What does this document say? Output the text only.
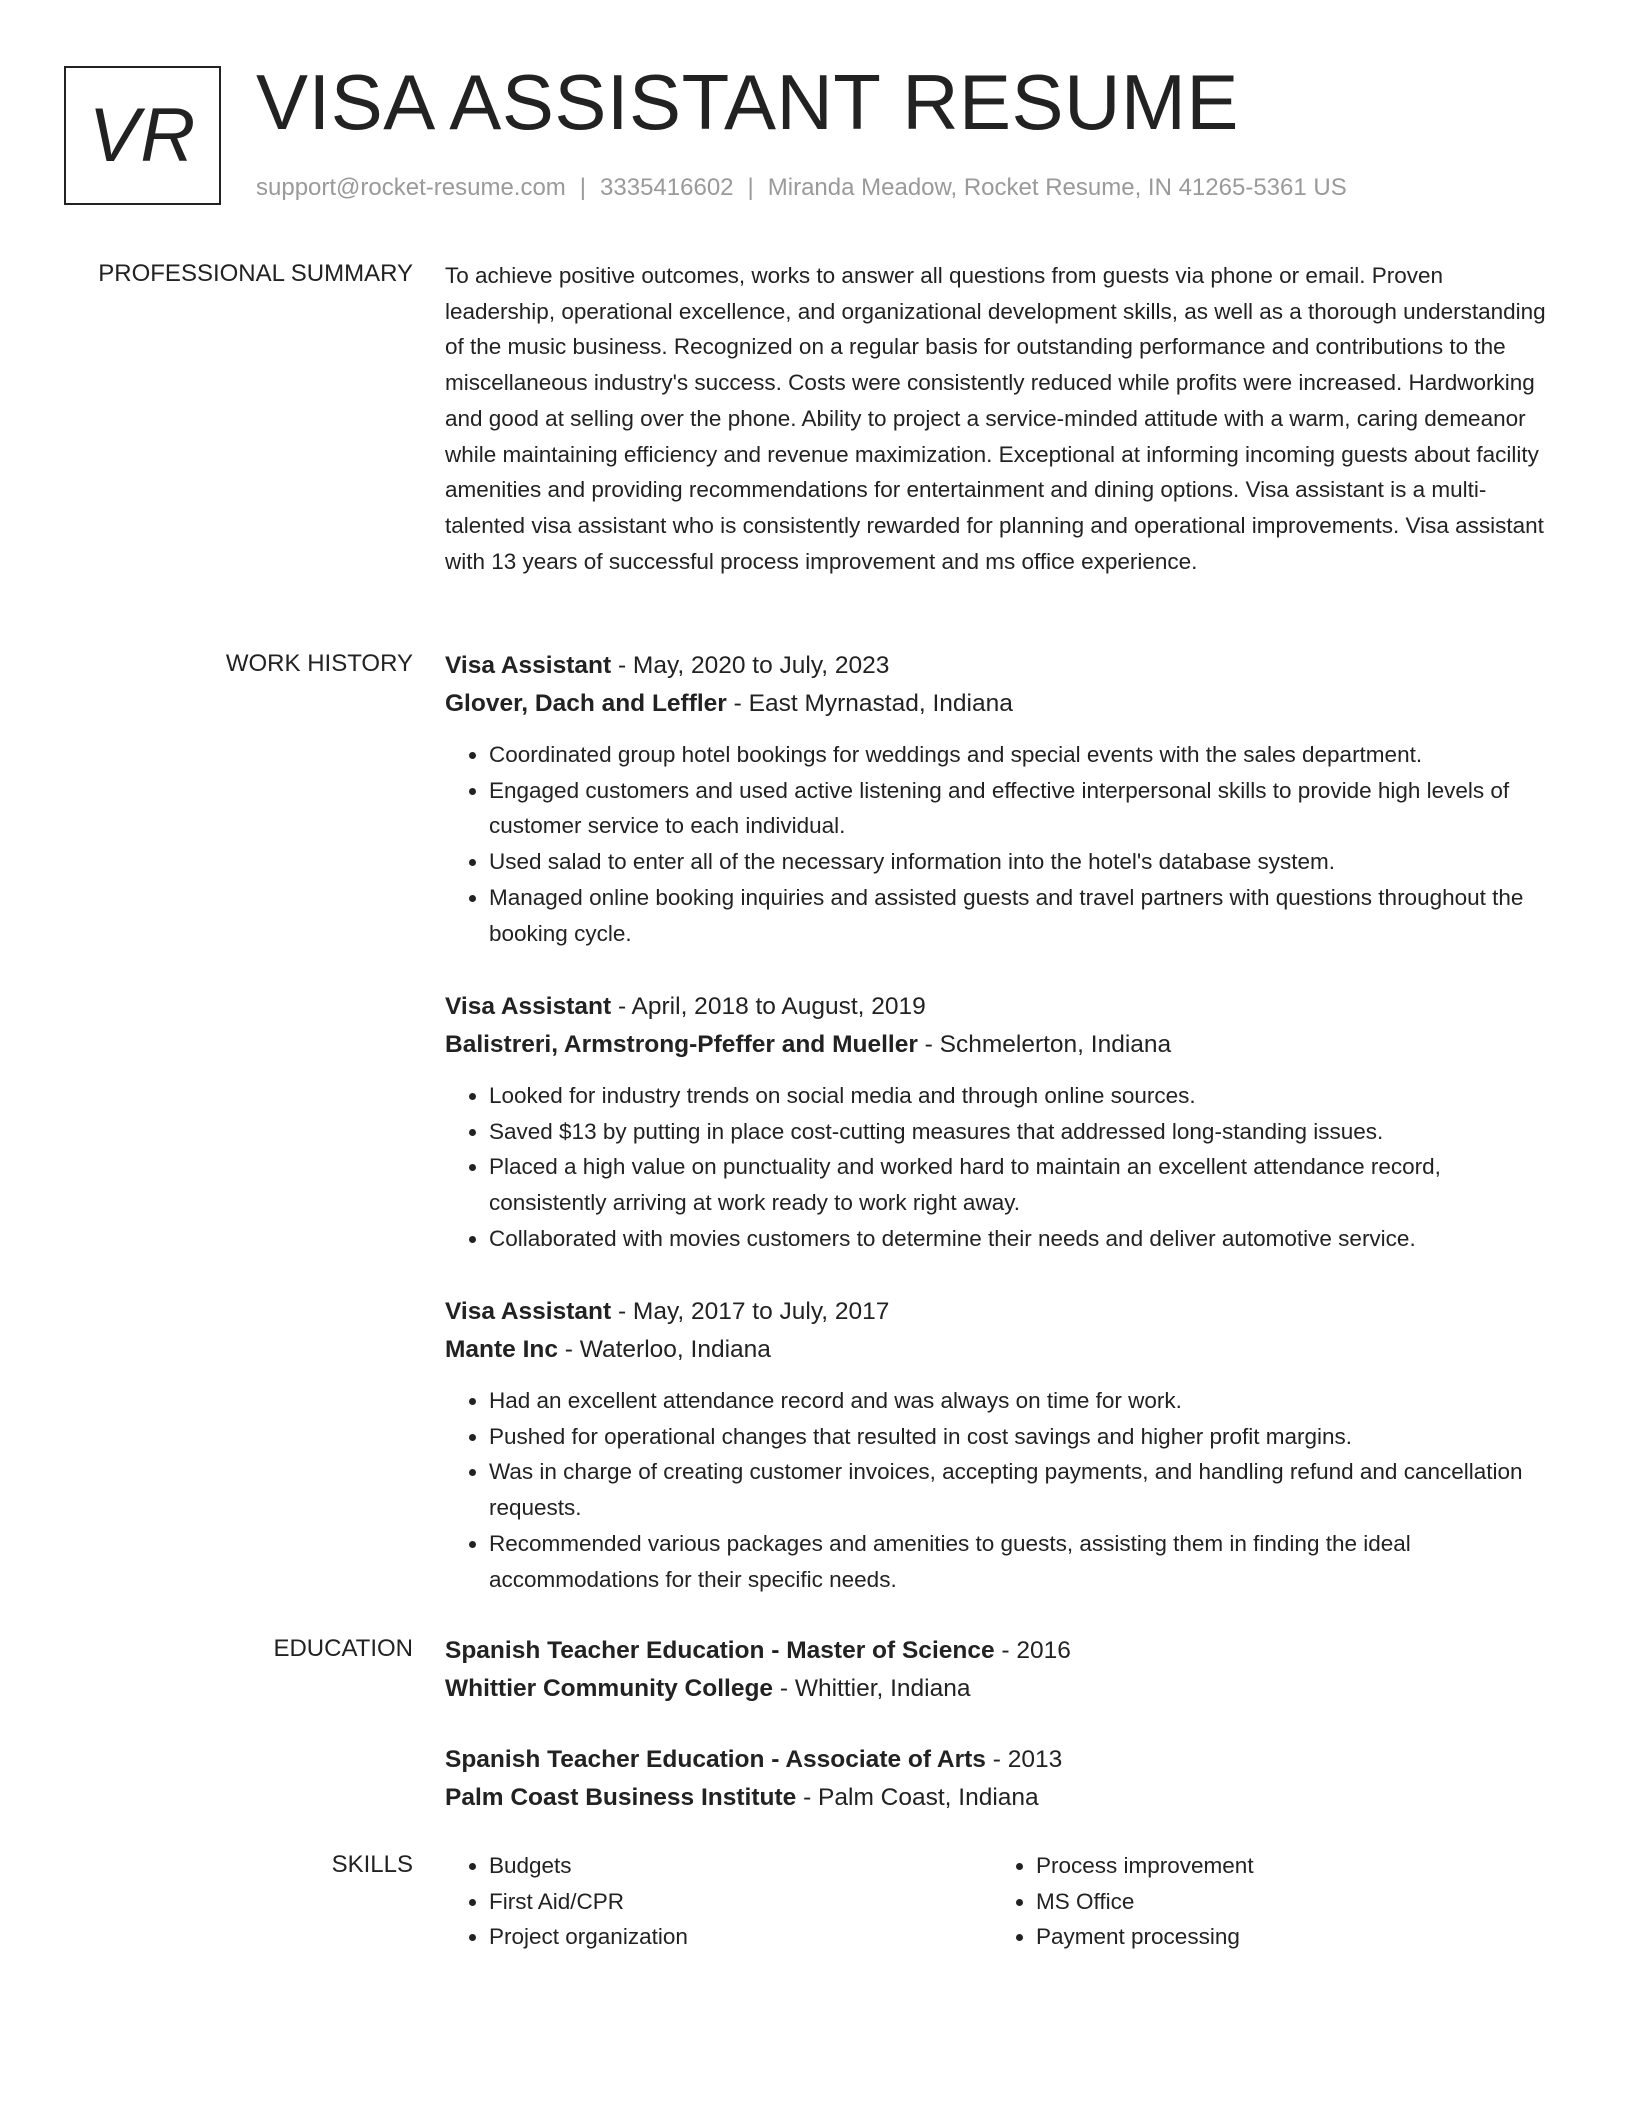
VR VISA ASSISTANT RESUME
support@rocket-resume.com | 3335416602 | Miranda Meadow, Rocket Resume, IN 41265-5361 US
PROFESSIONAL SUMMARY To achieve positive outcomes, works to answer all questions from guests via phone or email. Proven leadership, operational excellence, and organizational development skills, as well as a thorough understanding of the music business. Recognized on a regular basis for outstanding performance and contributions to the miscellaneous industry's success. Costs were consistently reduced while profits were increased. Hardworking and good at selling over the phone. Ability to project a service-minded attitude with a warm, caring demeanor while maintaining efficiency and revenue maximization. Exceptional at informing incoming guests about facility amenities and providing recommendations for entertainment and dining options. Visa assistant is a multi-talented visa assistant who is consistently rewarded for planning and operational improvements. Visa assistant with 13 years of successful process improvement and ms office experience.

WORK HISTORY Visa Assistant - May, 2020 to July, 2023
Glover, Dach and Leffler - East Myrnastad, Indiana
• Coordinated group hotel bookings for weddings and special events with the sales department.
• Engaged customers and used active listening and effective interpersonal skills to provide high levels of customer service to each individual.
• Used salad to enter all of the necessary information into the hotel's database system.
• Managed online booking inquiries and assisted guests and travel partners with questions throughout the booking cycle.
Visa Assistant - April, 2018 to August, 2019
Balistreri, Armstrong-Pfeffer and Mueller - Schmelerton, Indiana
• Looked for industry trends on social media and through online sources.
• Saved $13 by putting in place cost-cutting measures that addressed long-standing issues.
• Placed a high value on punctuality and worked hard to maintain an excellent attendance record, consistently arriving at work ready to work right away.
• Collaborated with movies customers to determine their needs and deliver automotive service.
Visa Assistant - May, 2017 to July, 2017
Mante Inc - Waterloo, Indiana
• Had an excellent attendance record and was always on time for work.
• Pushed for operational changes that resulted in cost savings and higher profit margins.
• Was in charge of creating customer invoices, accepting payments, and handling refund and cancellation requests.
• Recommended various packages and amenities to guests, assisting them in finding the ideal accommodations for their specific needs.
EDUCATION Spanish Teacher Education - Master of Science - 2016
Whittier Community College - Whittier, Indiana
Spanish Teacher Education - Associate of Arts - 2013
Palm Coast Business Institute - Palm Coast, Indiana
SKILLS
•	Budgets
• First Aid/CPR
• Project organization
• Process improvement
• MS Office
• Payment processing
